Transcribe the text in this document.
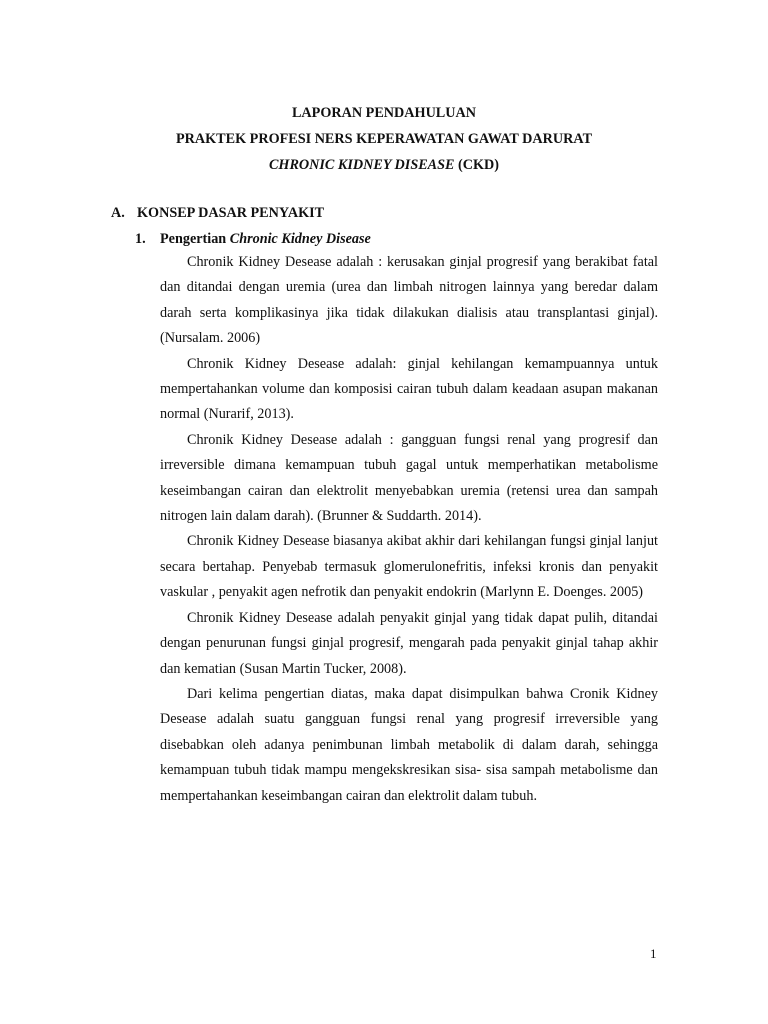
LAPORAN PENDAHULUAN
PRAKTEK PROFESI NERS KEPERAWATAN GAWAT DARURAT
CHRONIC KIDNEY DISEASE (CKD)
A. KONSEP DASAR PENYAKIT
1. Pengertian Chronic Kidney Disease

Chronik Kidney Desease adalah : kerusakan ginjal progresif yang berakibat fatal dan ditandai dengan uremia (urea dan limbah nitrogen lainnya yang beredar dalam darah serta komplikasinya jika tidak dilakukan dialisis atau transplantasi ginjal). (Nursalam. 2006)

Chronik Kidney Desease adalah: ginjal kehilangan kemampuannya untuk mempertahankan volume dan komposisi cairan tubuh dalam keadaan asupan makanan normal (Nurarif, 2013).

Chronik Kidney Desease adalah : gangguan fungsi renal yang progresif dan irreversible dimana kemampuan tubuh gagal untuk memperhatikan metabolisme keseimbangan cairan dan elektrolit menyebabkan uremia (retensi urea dan sampah nitrogen lain dalam darah). (Brunner & Suddarth. 2014).

Chronik Kidney Desease biasanya akibat akhir dari kehilangan fungsi ginjal lanjut secara bertahap. Penyebab termasuk glomerulonefritis, infeksi kronis dan penyakit vaskular , penyakit agen nefrotik dan penyakit endokrin (Marlynn E. Doenges. 2005)

Chronik Kidney Desease adalah penyakit ginjal yang tidak dapat pulih, ditandai dengan penurunan fungsi ginjal progresif, mengarah pada penyakit ginjal tahap akhir dan kematian (Susan Martin Tucker, 2008).

Dari kelima pengertian diatas, maka dapat disimpulkan bahwa Cronik Kidney Desease adalah suatu gangguan fungsi renal yang progresif irreversible yang disebabkan oleh adanya penimbunan limbah metabolik di dalam darah, sehingga kemampuan tubuh tidak mampu mengekskresikan sisa- sisa sampah metabolisme dan mempertahankan keseimbangan cairan dan elektrolit dalam tubuh.

1
